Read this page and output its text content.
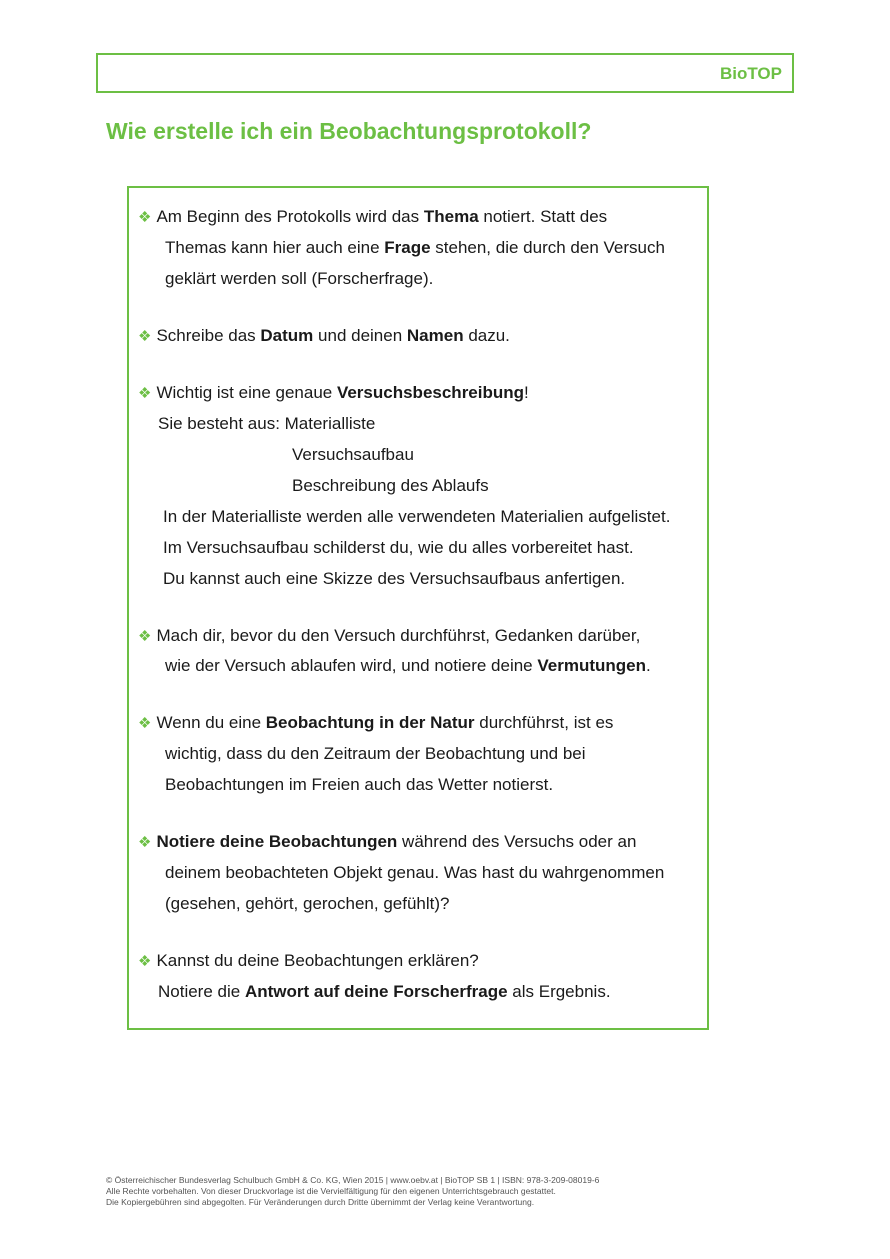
BioTOP
Wie erstelle ich ein Beobachtungsprotokoll?
❖ Am Beginn des Protokolls wird das Thema notiert. Statt des
Themas kann hier auch eine Frage stehen, die durch den Versuch
geklärt werden soll (Forscherfrage).
❖ Schreibe das Datum und deinen Namen dazu.
❖ Wichtig ist eine genaue Versuchsbeschreibung!
Sie besteht aus: Materialliste
Versuchsaufbau
Beschreibung des Ablaufs
In der Materialliste werden alle verwendeten Materialien aufgelistet.
Im Versuchsaufbau schilderst du, wie du alles vorbereitet hast.
Du kannst auch eine Skizze des Versuchsaufbaus anfertigen.
❖ Mach dir, bevor du den Versuch durchführst, Gedanken darüber,
wie der Versuch ablaufen wird, und notiere deine Vermutungen.
❖ Wenn du eine Beobachtung in der Natur durchführst, ist es
wichtig, dass du den Zeitraum der Beobachtung und bei
Beobachtungen im Freien auch das Wetter notierst.
❖ Notiere deine Beobachtungen während des Versuchs oder an
deinem beobachteten Objekt genau. Was hast du wahrgenommen
(gesehen, gehört, gerochen, gefühlt)?
❖ Kannst du deine Beobachtungen erklären?
Notiere die Antwort auf deine Forscherfrage als Ergebnis.
© Österreichischer Bundesverlag Schulbuch GmbH & Co. KG, Wien 2015 | www.oebv.at | BioTOP SB 1 | ISBN: 978-3-209-08019-6
Alle Rechte vorbehalten. Von dieser Druckvorlage ist die Vervielfältigung für den eigenen Unterrichtsgebrauch gestattet.
Die Kopiergebühren sind abgegolten. Für Veränderungen durch Dritte übernimmt der Verlag keine Verantwortung.
